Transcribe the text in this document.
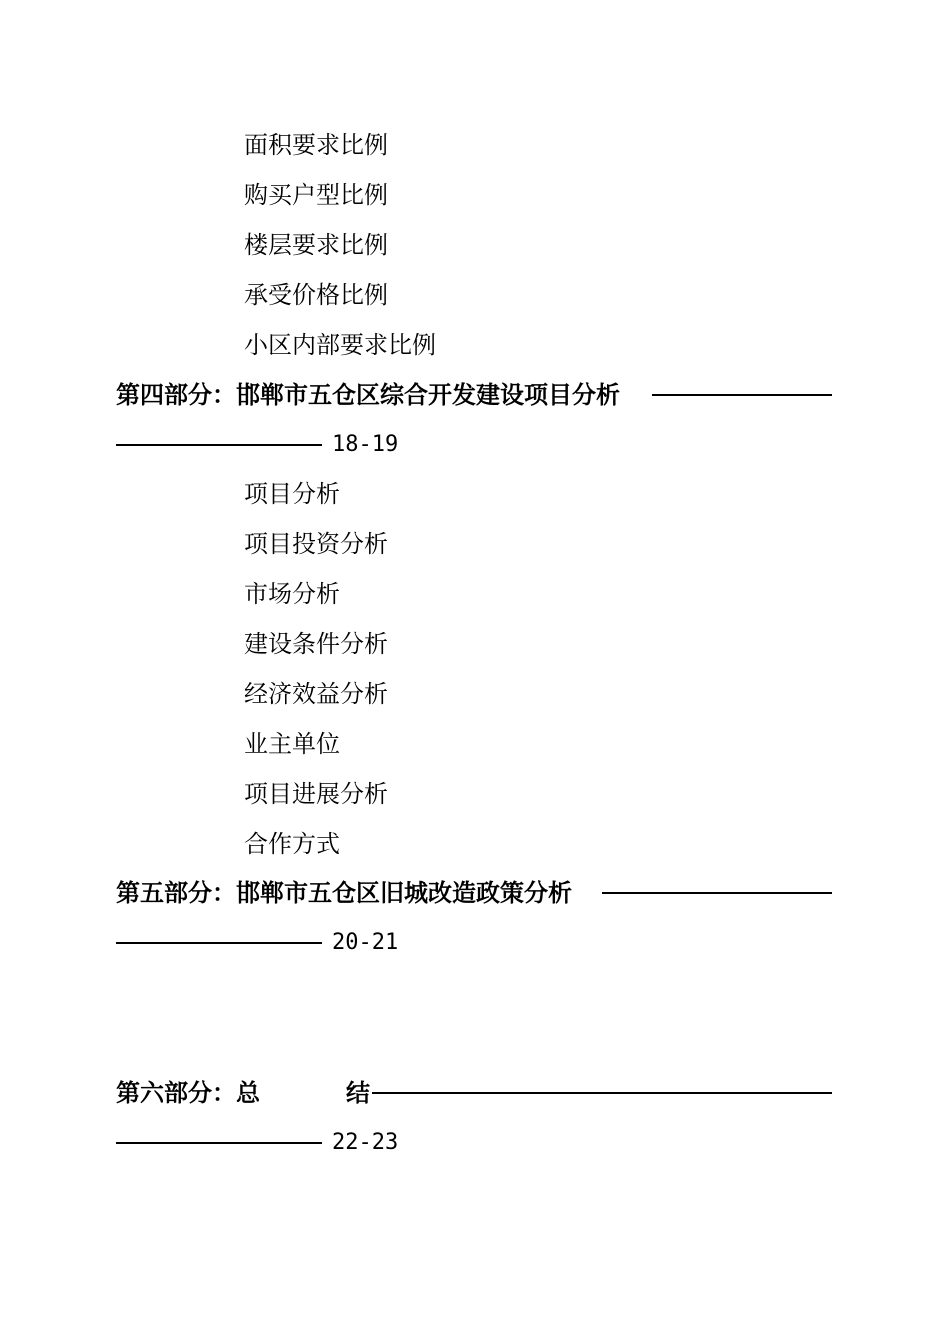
面积要求比例
购买户型比例
楼层要求比例
承受价格比例
小区内部要求比例
第四部分：邯郸市五仓区综合开发建设项目分析
18-19
项目分析
项目投资分析
市场分析
建设条件分析
经济效益分析
业主单位
项目进展分析
合作方式
第五部分：邯郸市五仓区旧城改造政策分析
20-21
第六部分：总	结
22-23
